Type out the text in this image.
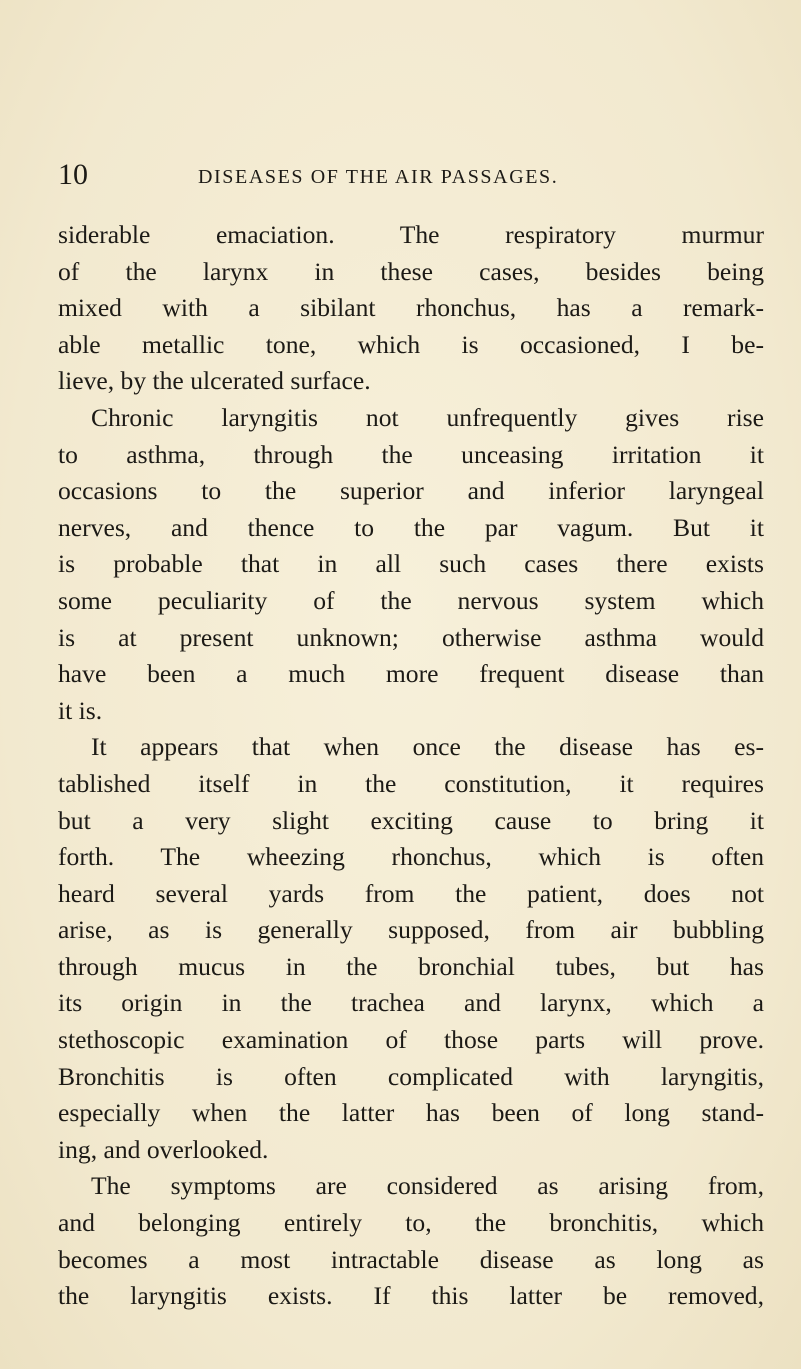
10	DISEASES OF THE AIR PASSAGES.
siderable emaciation. The respiratory murmur
of the larynx in these cases, besides being
mixed with a sibilant rhonchus, has a remark-
able metallic tone, which is occasioned, I be-
lieve, by the ulcerated surface.
Chronic laryngitis not unfrequently gives rise
to asthma, through the unceasing irritation it
occasions to the superior and inferior laryngeal
nerves, and thence to the par vagum. But it
is probable that in all such cases there exists
some peculiarity of the nervous system which
is at present unknown; otherwise asthma would
have been a much more frequent disease than
it is.
It appears that when once the disease has es-
tablished itself in the constitution, it requires
but a very slight exciting cause to bring it
forth. The wheezing rhonchus, which is often
heard several yards from the patient, does not
arise, as is generally supposed, from air bubbling
through mucus in the bronchial tubes, but has
its origin in the trachea and larynx, which a
stethoscopic examination of those parts will prove.
Bronchitis is often complicated with laryngitis,
especially when the latter has been of long stand-
ing, and overlooked.
The symptoms are considered as arising from,
and belonging entirely to, the bronchitis, which
becomes a most intractable disease as long as
the laryngitis exists. If this latter be removed,
